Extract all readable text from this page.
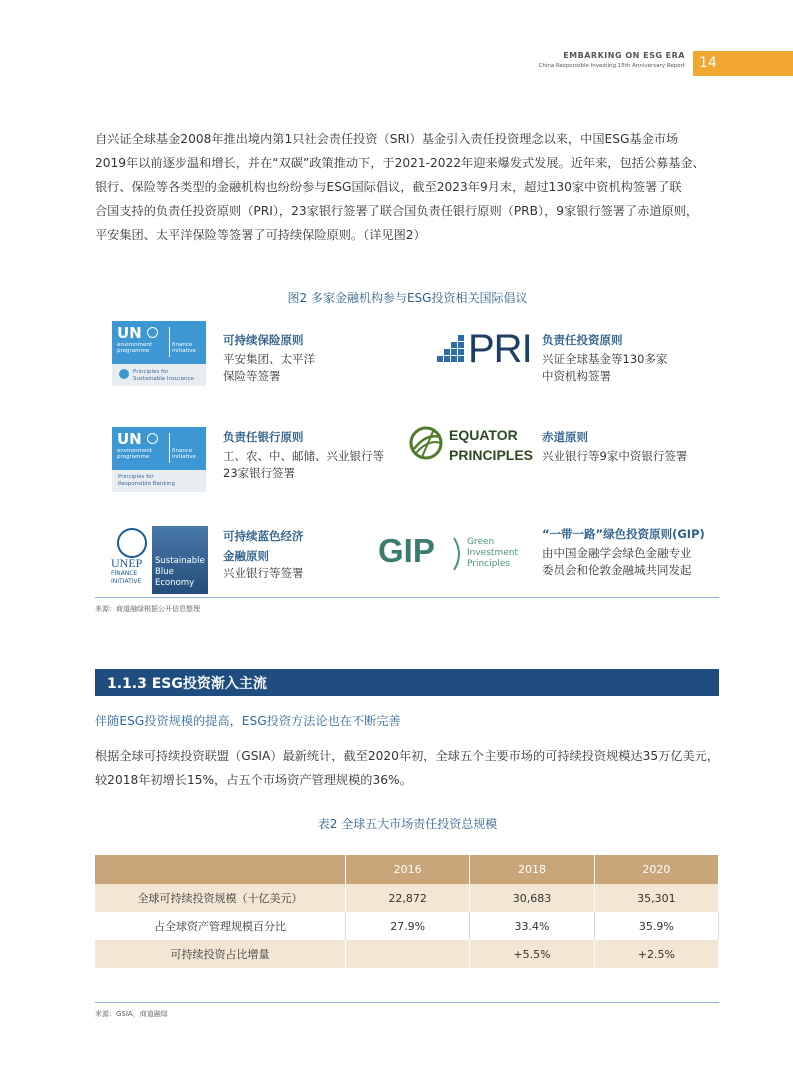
EMBARKING ON ESG ERA
China Responsible Investing 15th Anniversary Report 14

自兴证全球基金2008年推出境内第1只社会责任投资（SRI）基金引入责任投资理念以来，中国ESG基金市场

2019年以前逐步温和增长，并在“双碳”政策推动下，于2021-2022年迎来爆发式发展。近年来，包括公募基金、

银行、保险等各类型的金融机构也纷纷参与ESG国际倡议，截至2023年9月末，超过130家中资机构签署了联

合国支持的负责任投资原则（PRI），23家银行签署了联合国负责任银行原则（PRB），9家银行签署了赤道原则，

平安集团、太平洋保险等签署了可持续保险原则。（详见图2）

图2 多家金融机构参与ESG投资相关国际倡议
UN
environment
programme
finance
initiative
Principles for
Sustainable Insurance
可持续保险原则

平安集团、太平洋

保险等签署

PRI 负责任投资原则

兴证全球基金等130多家

中资机构签署

UN
environment
programme
finance
initiative
Principles for
Responsible Banking
负责任银行原则

工、农、中、邮储、兴业银行等

23家银行签署

EQUATOR
PRINCIPLES
赤道原则

兴业银行等9家中资银行签署

UNEP
FINANCE
INITIATIVE
Sustainable
Blue Economy
可持续蓝色经济
金融原则

兴业银行等签署

GIP	Green
Investment
Principles
“一带一路”绿色投资原则(GIP)

由中国金融学会绿色金融专业

委员会和伦敦金融城共同发起

来源：商道融绿根据公开信息整理
1.1.3 ESG投资渐入主流
伴随ESG投资规模的提高，ESG投资方法论也在不断完善

根据全球可持续投资联盟（GSIA）最新统计，截至2020年初，全球五个主要市场的可持续投资规模达35万亿美元，

较2018年初增长15%，占五个市场资产管理规模的36%。

表2 全球五大市场责任投资总规模
	2016	2018	2020
全球可持续投资规模（十亿美元）	22,872	30,683	35,301
占全球资产管理规模百分比	27.9%	33.4%	35.9%
可持续投资占比增量		+5.5%	+2.5%
来源：GSIA，商道融绿
